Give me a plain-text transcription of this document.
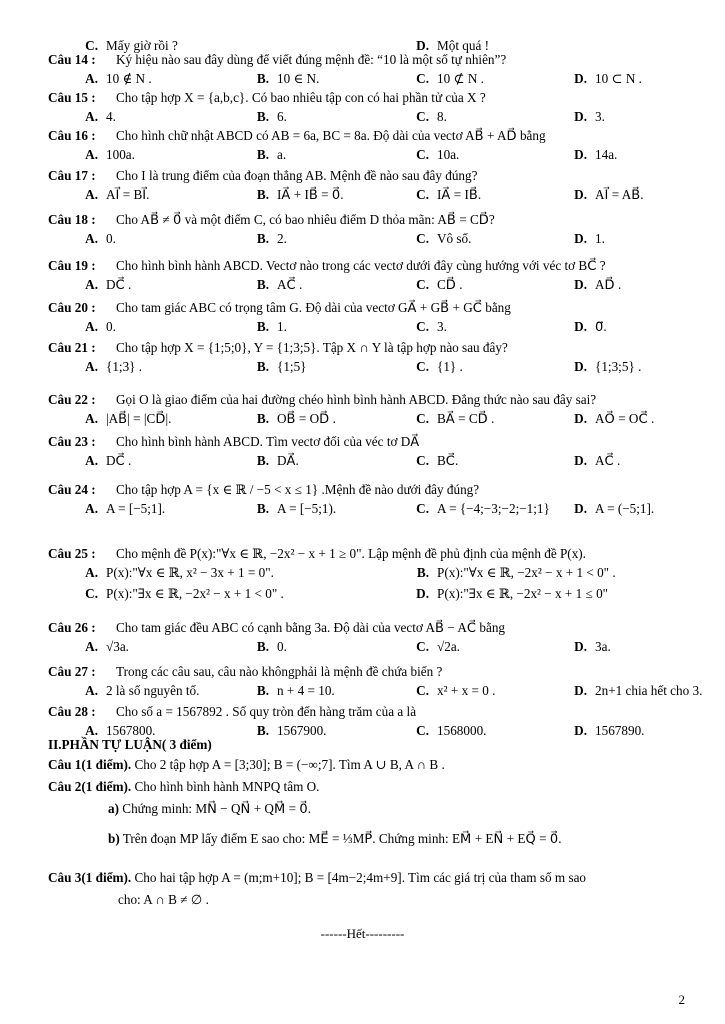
C. Mấy giờ rồi ?	D. Một quá !
Câu 14 :	Ký hiệu nào sau đây dùng để viết đúng mệnh đề: “10 là một số tự nhiên”?
A. 10 ∉ N .	B. 10 ∈ N.	C. 10 ⊄ N .	D. 10 ⊂ N .
Câu 15 :	Cho tập hợp X = {a,b,c}. Có bao nhiêu tập con có hai phần tử của X ?
A. 4.	B. 6.	C. 8.	D. 3.
Câu 16 :	Cho hình chữ nhật ABCD có AB = 6a, BC = 8a. Độ dài của vectơ AB⃗ + AD⃗ bằng
A. 100a.	B. a.	C. 10a.	D. 14a.
Câu 17 :	Cho I là trung điểm của đoạn thẳng AB. Mệnh đề nào sau đây đúng?
A. AI⃗ = BI⃗.	B. IA⃗ + IB⃗ = 0⃗.	C. IA⃗ = IB⃗.	D. AI⃗ = AB⃗.
Câu 18 :	Cho AB⃗ ≠ 0⃗ và một điểm C, có bao nhiêu điểm D thỏa mãn: AB⃗ = CD⃗?
A. 0.	B. 2.	C. Vô số.	D. 1.
Câu 19 :	Cho hình bình hành ABCD. Vectơ nào trong các vectơ dưới đây cùng hướng với véc tơ BC⃗ ?
A. DC⃗ .	B. AC⃗ .	C. CD⃗ .	D. AD⃗ .
Câu 20 :	Cho tam giác ABC có trọng tâm G. Độ dài của vectơ GA⃗ + GB⃗ + GC⃗ bằng
A. 0.	B. 1.	C. 3.	D. 0⃗.
Câu 21 :	Cho tập hợp X = {1;5;0}, Y = {1;3;5}. Tập X ∩ Y là tập hợp nào sau đây?
A. {1;3} .	B. {1;5}	C. {1} .	D. {1;3;5} .
Câu 22 :	Gọi O là giao điểm của hai đường chéo hình bình hành ABCD. Đẳng thức nào sau đây sai?
A. |AB⃗| = |CD⃗|.	B. OB⃗ = OD⃗ .	C. BA⃗ = CD⃗ .	D. AO⃗ = OC⃗ .
Câu 23 :	Cho hình bình hành ABCD. Tìm vectơ đối của véc tơ DA⃗
A. DC⃗ .	B. DA⃗.	C. BC⃗.	D. AC⃗ .
Câu 24 :	Cho tập hợp A = {x ∈ ℝ / −5 < x ≤ 1} .Mệnh đề nào dưới đây đúng?
A. A = [−5;1].	B. A = [−5;1).	C. A = {−4;−3;−2;−1;1}	D. A = (−5;1].
Câu 25 :	Cho mệnh đề P(x):"∀x ∈ ℝ, −2x² − x + 1 ≥ 0". Lập mệnh đề phủ định của mệnh đề P(x).
A. P(x):"∀x ∈ ℝ, x² − 3x + 1 = 0".	B. P(x):"∀x ∈ ℝ, −2x² − x + 1 < 0" .
C. P(x):"∃x ∈ ℝ, −2x² − x + 1 < 0" .	D. P(x):"∃x ∈ ℝ, −2x² − x + 1 ≤ 0"
Câu 26 :	Cho tam giác đều ABC có cạnh bằng 3a. Độ dài của vectơ AB⃗ − AC⃗ bằng
A. √3a.	B. 0.	C. √2a.	D. 3a.
Câu 27 :	Trong các câu sau, câu nào khôngphải là mệnh đề chứa biến ?
A. 2 là số nguyên tố.	B. n + 4 = 10.	C. x² + x = 0 .	D. 2n+1 chia hết cho 3.
Câu 28 :	Cho số a = 1567892 . Số quy tròn đến hàng trăm của a là
A. 1567800.	B. 1567900.	C. 1568000.	D. 1567890.
II.PHẦN TỰ LUẬN( 3 điểm)
Câu 1(1 điểm). Cho 2 tập hợp A = [3;30]; B = (−∞;7]. Tìm A ∪ B, A ∩ B .
Câu 2(1 điểm). Cho hình bình hành MNPQ tâm O.
a) Chứng minh: MN⃗ − QN⃗ + QM⃗ = 0⃗.
b) Trên đoạn MP lấy điểm E sao cho: ME⃗ = ⅓MP⃗. Chứng minh: EM⃗ + EN⃗ + EQ⃗ = 0⃗.
Câu 3(1 điểm). Cho hai tập hợp A = (m;m+10]; B = [4m−2;4m+9]. Tìm các giá trị của tham số m sao
cho: A ∩ B ≠ ∅ .
------Hết---------
2
